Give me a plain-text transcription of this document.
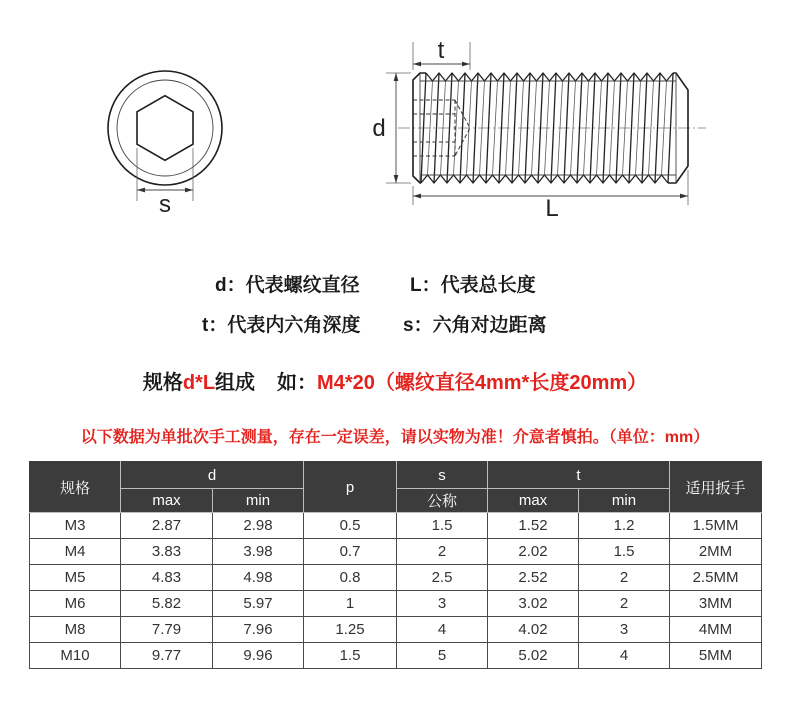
s
t
d
L
d：代表螺纹直径	L：代表总长度
t：代表内六角深度 s：六角对边距离
规格d*L组成 如：M4*20（螺纹直径4mm*长度20mm）
以下数据为单批次手工测量，存在一定误差，请以实物为准！介意者慎拍。（单位：mm）
规格	d		p	s	t		适用扳手
	max	min		公称	max	min	
M3	2.87	2.98	0.5	1.5	1.52	1.2	1.5MM
M4	3.83	3.98	0.7	2	2.02	1.5	2MM
M5	4.83	4.98	0.8	2.5	2.52	2	2.5MM
M6	5.82	5.97	1	3	3.02	2	3MM
M8	7.79	7.96	1.25	4	4.02	3	4MM
M10	9.77	9.96	1.5	5	5.02	4	5MM
